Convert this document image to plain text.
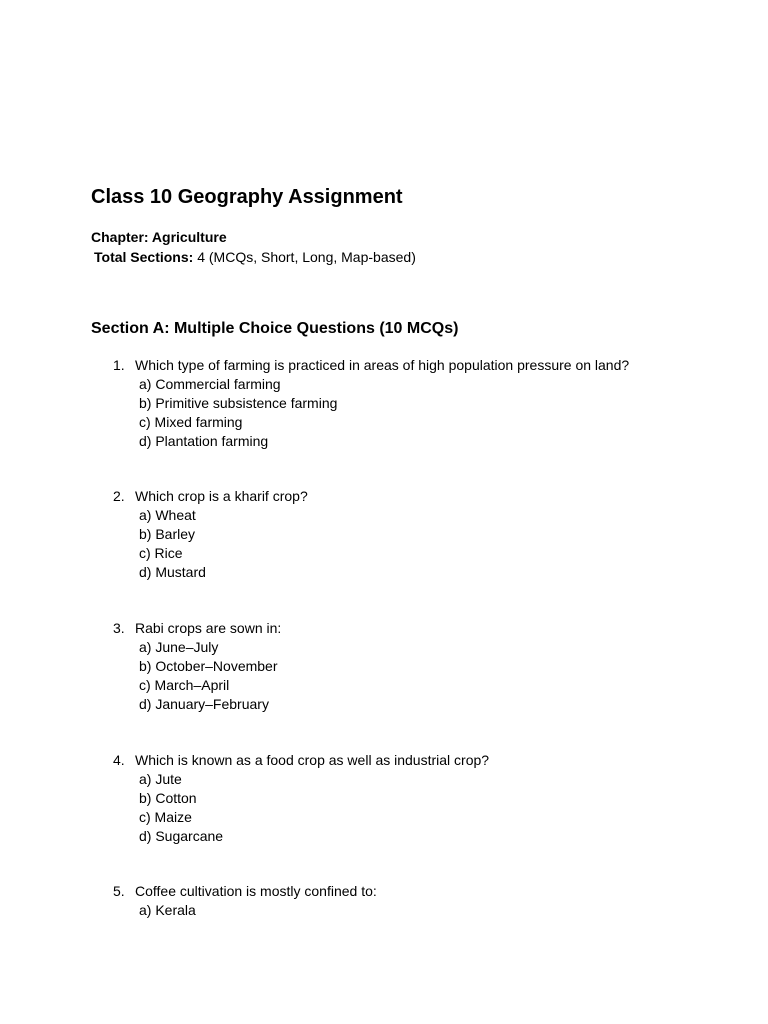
Class 10 Geography Assignment
Chapter: Agriculture
Total Sections: 4 (MCQs, Short, Long, Map-based)
Section A: Multiple Choice Questions (10 MCQs)
1. Which type of farming is practiced in areas of high population pressure on land?
a) Commercial farming
b) Primitive subsistence farming
c) Mixed farming
d) Plantation farming
2. Which crop is a kharif crop?
a) Wheat
b) Barley
c) Rice
d) Mustard
3. Rabi crops are sown in:
a) June–July
b) October–November
c) March–April
d) January–February
4. Which is known as a food crop as well as industrial crop?
a) Jute
b) Cotton
c) Maize
d) Sugarcane
5. Coffee cultivation is mostly confined to:
a) Kerala
